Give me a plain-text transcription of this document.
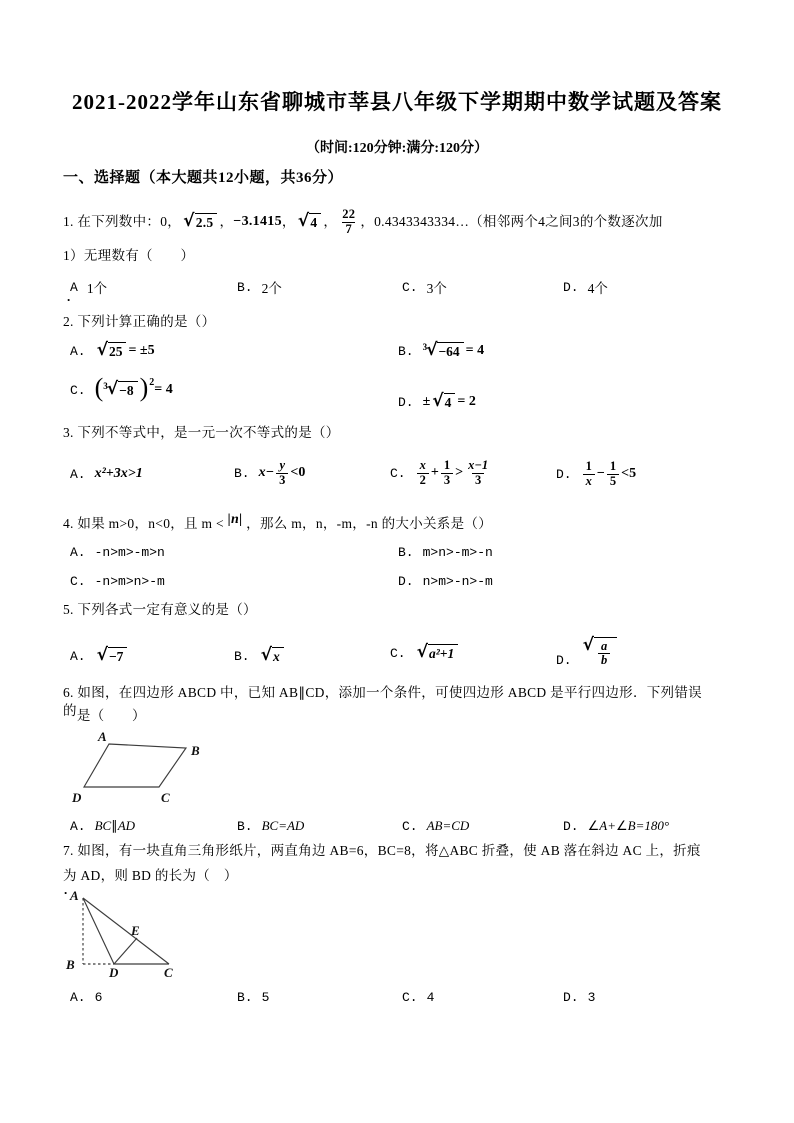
2021-2022学年山东省聊城市莘县八年级下学期期中数学试题及答案
（时间:120分钟:满分:120分）
一、选择题（本大题共12小题，共36分）
1. 在下列数中：0， √ 2.5 ， −3.1415 ， √ 4 ， $\frac{22}{7}$ ，0.4343343334…（相邻两个4之间3的个数逐次加
1）无理数有（　　）
A 1个	B. 2个	C. 3个	D. 4个
.
2. 下列计算正确的是（）
A. √ 25 = ±5	B. 3 √ −64 = 4
C. ( 3 √ −8 ) 2 = 4
D. ± √ 4 = 2
3. 下列不等式中，是一元一次不等式的是（）
A. x²+3x>1	B. $x- \frac{y}{3} <0$	C. $\frac{x}{2} + \frac{1}{3} > \frac{x-1}{3}$	D. $\frac{1}{x} - \frac{1}{5} <5$
4. 如果 m>0，n<0，且 m < |n| ，那么 m，n，-m，-n 的大小关系是（）
A. -n>m>-m>n	B. m>n>-m>-n
C. -n>m>n>-m	D. n>m>-n>-m
5. 下列各式一定有意义的是（）
A. √ −7	B. √ x	C. √ a²+1	D. √ $\frac{a}{b}$
6. 如图，在四边形 ABCD 中，已知 AB∥CD，添加一个条件，可使四边形 ABCD 是平行四边形．下列错误
的是（　　）
A
B
C
D
A. BC∥AD	B. BC=AD	C. AB=CD	D. ∠A+∠B=180°
7. 如图，有一块直角三角形纸片，两直角边 AB=6，BC=8，将△ABC 折叠，使 AB 落在斜边 AC 上，折痕
为 AD，则 BD 的长为（　）
. A
B
D
E
C
A. 6	B. 5	C. 4	D. 3
